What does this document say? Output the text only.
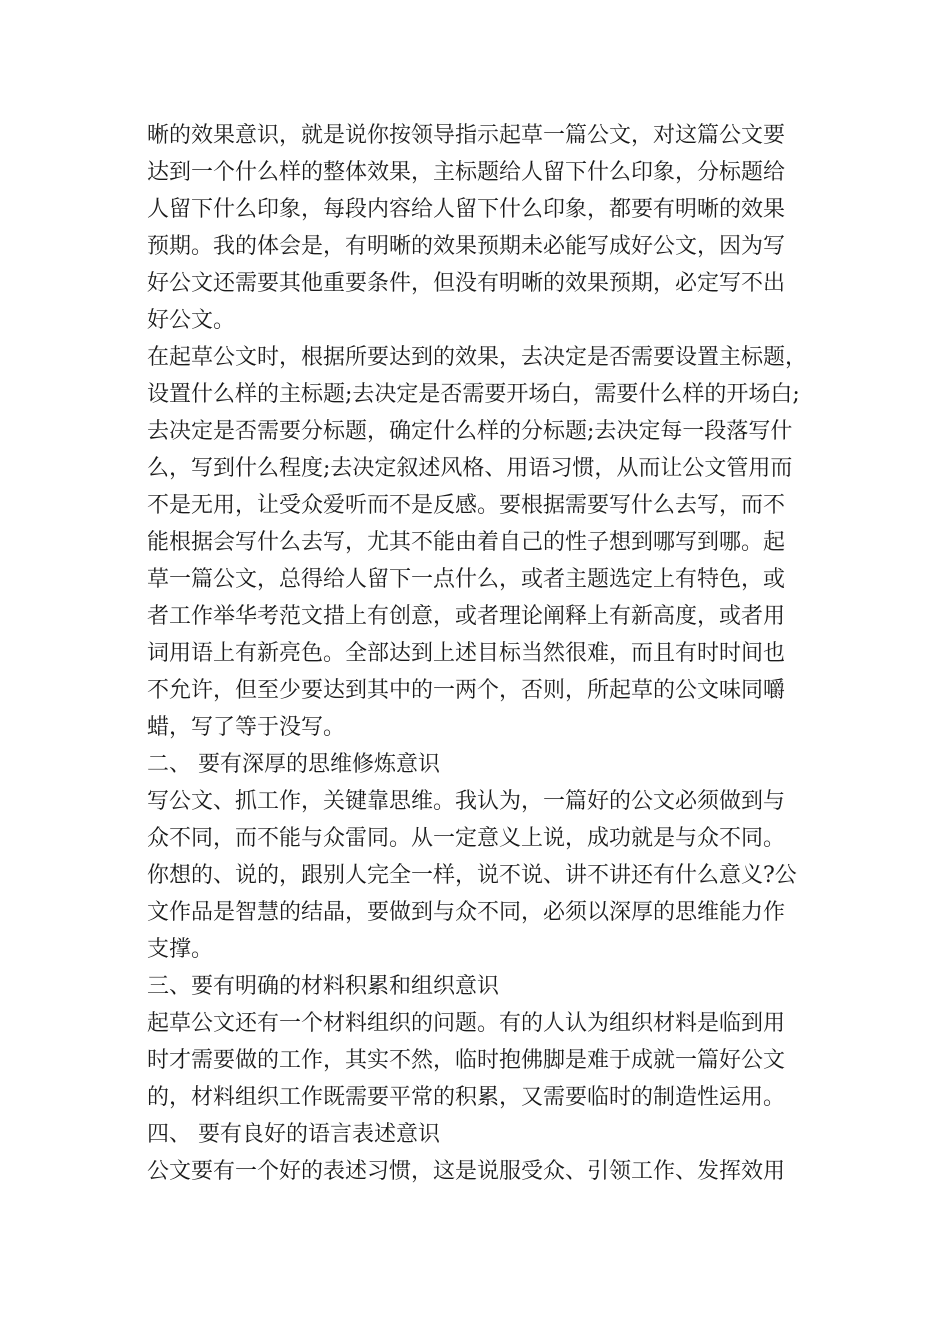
晰的效果意识，就是说你按领导指示起草一篇公文，对这篇公文要
达到一个什么样的整体效果，主标题给人留下什么印象，分标题给
人留下什么印象，每段内容给人留下什么印象，都要有明晰的效果
预期。我的体会是，有明晰的效果预期未必能写成好公文，因为写
好公文还需要其他重要条件，但没有明晰的效果预期，必定写不出
好公文。
在起草公文时，根据所要达到的效果，去决定是否需要设置主标题，
设置什么样的主标题;去决定是否需要开场白，需要什么样的开场白;
去决定是否需要分标题，确定什么样的分标题;去决定每一段落写什
么，写到什么程度;去决定叙述风格、用语习惯，从而让公文管用而
不是无用，让受众爱听而不是反感。要根据需要写什么去写，而不
能根据会写什么去写，尤其不能由着自己的性子想到哪写到哪。起
草一篇公文，总得给人留下一点什么，或者主题选定上有特色，或
者工作举华考范文措上有创意，或者理论阐释上有新高度，或者用
词用语上有新亮色。全部达到上述目标当然很难，而且有时时间也
不允许，但至少要达到其中的一两个，否则，所起草的公文味同嚼
蜡，写了等于没写。
二、 要有深厚的思维修炼意识
写公文、抓工作，关键靠思维。我认为，一篇好的公文必须做到与
众不同，而不能与众雷同。从一定意义上说，成功就是与众不同。
你想的、说的，跟别人完全一样，说不说、讲不讲还有什么意义?公
文作品是智慧的结晶，要做到与众不同，必须以深厚的思维能力作
支撑。
三、要有明确的材料积累和组织意识
起草公文还有一个材料组织的问题。有的人认为组织材料是临到用
时才需要做的工作，其实不然，临时抱佛脚是难于成就一篇好公文
的，材料组织工作既需要平常的积累，又需要临时的制造性运用。
四、 要有良好的语言表述意识
公文要有一个好的表述习惯，这是说服受众、引领工作、发挥效用
